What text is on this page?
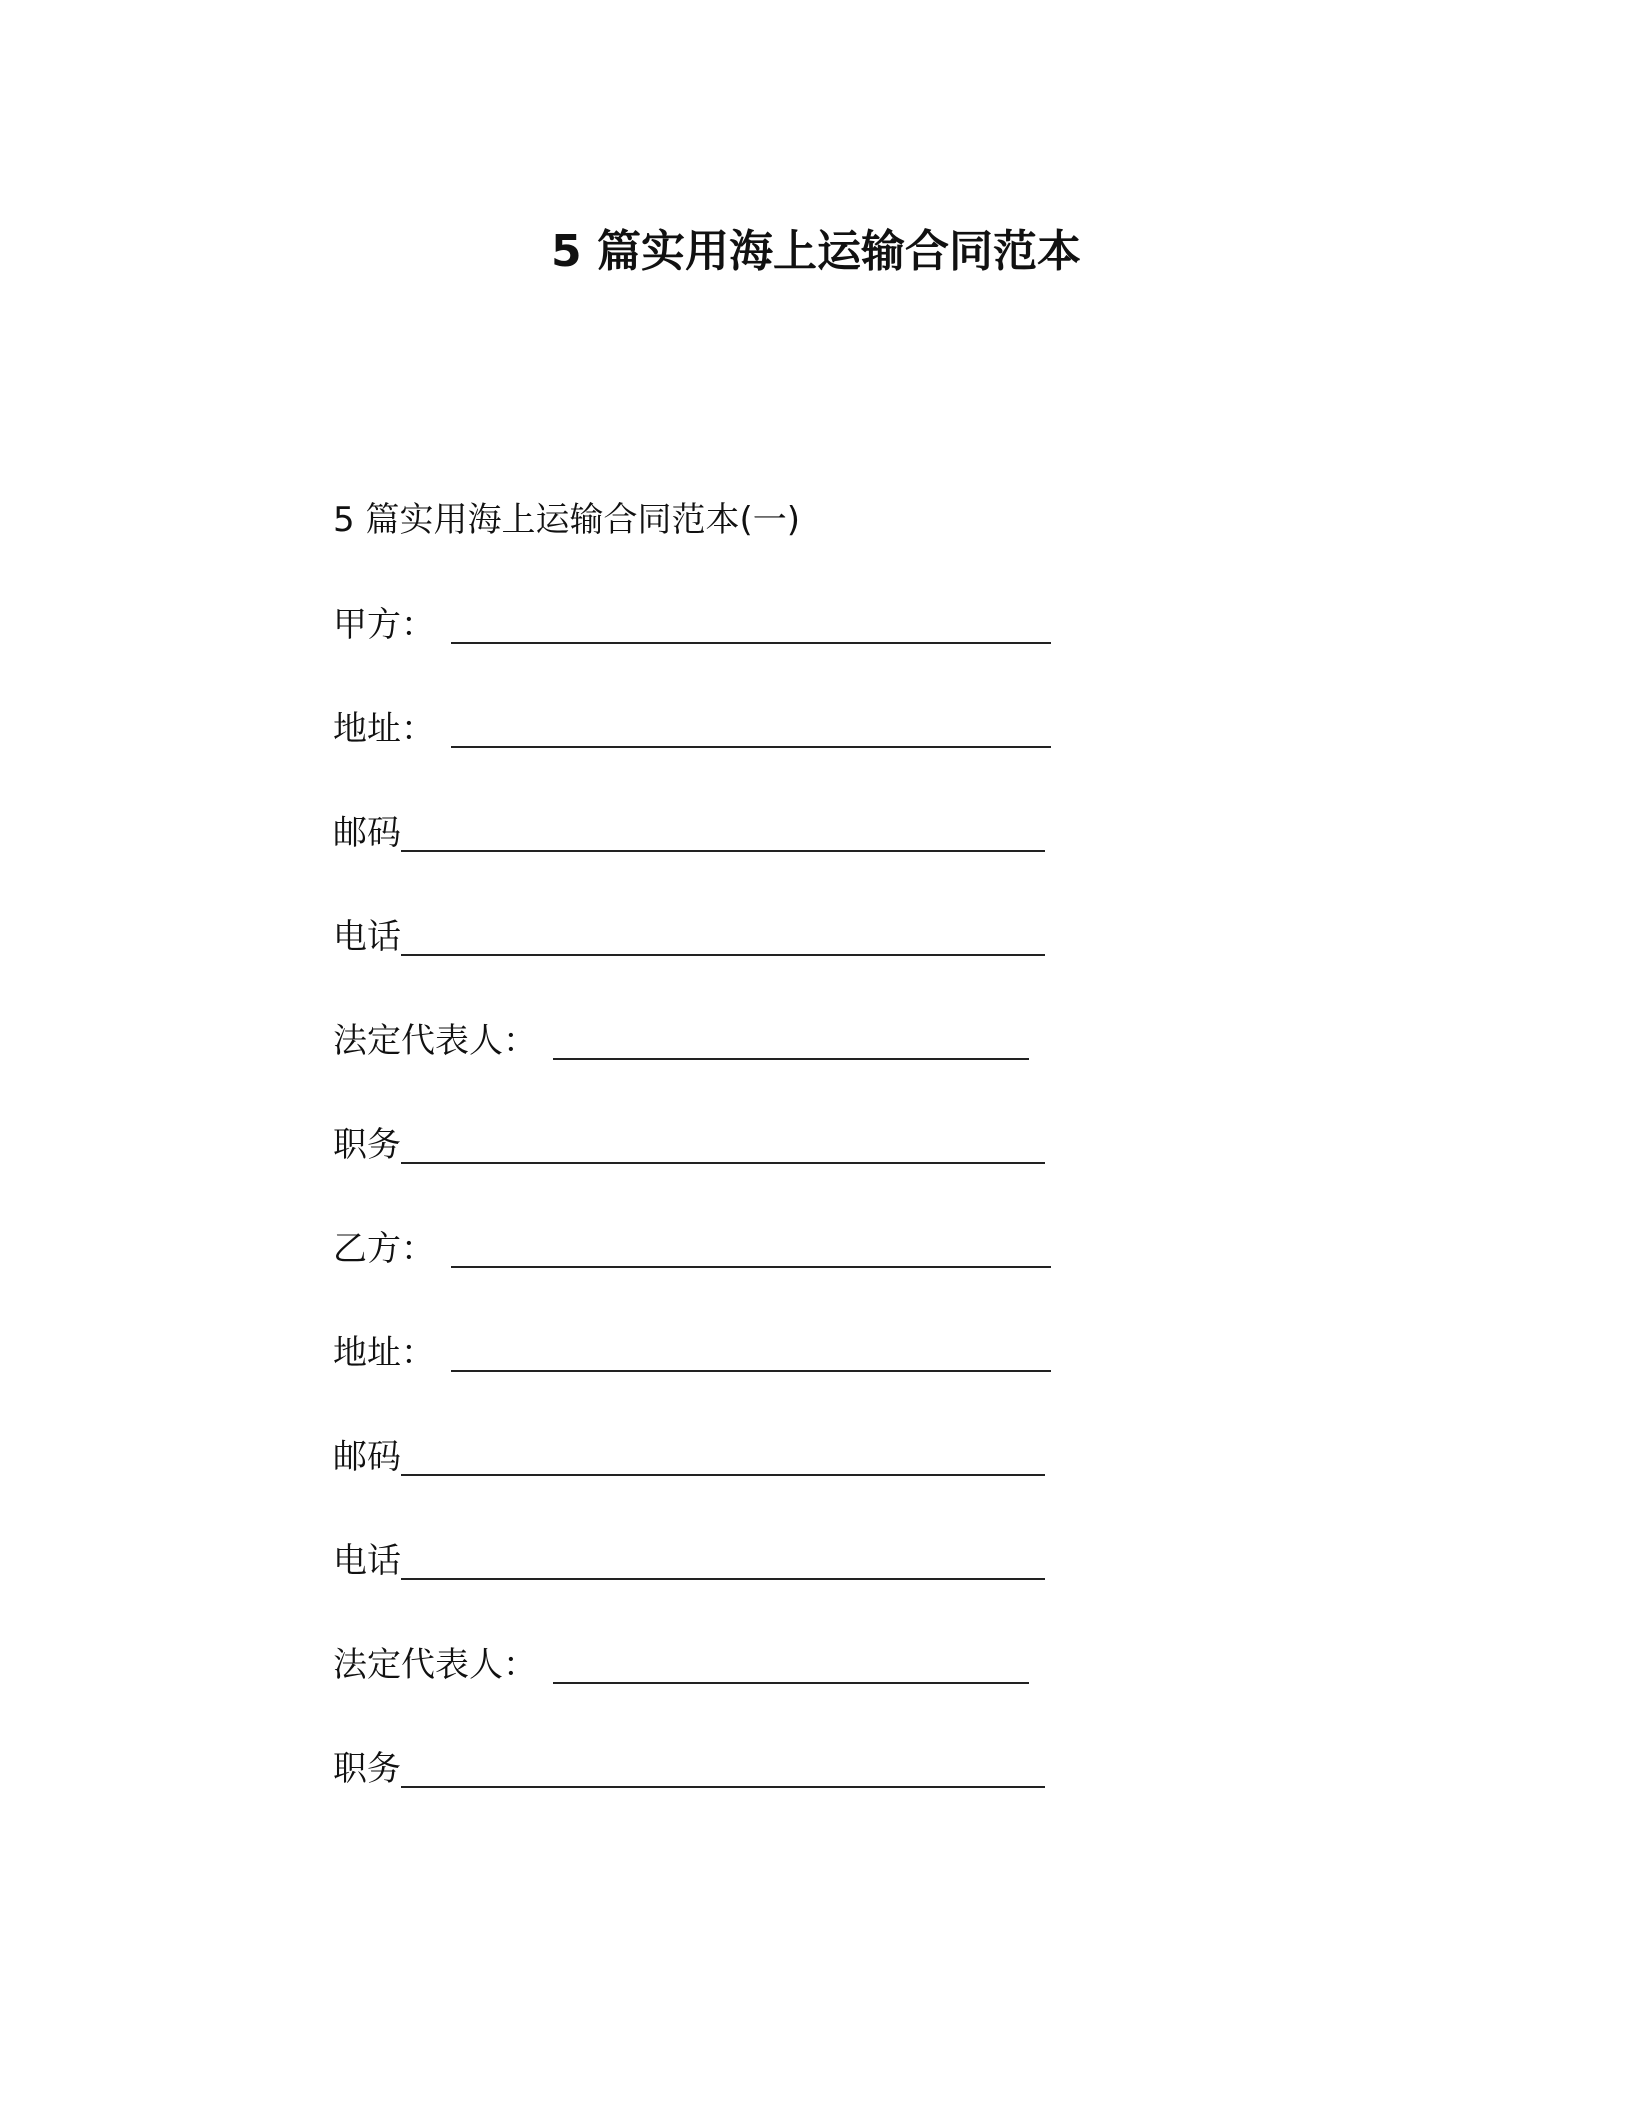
5 篇实用海上运输合同范本
5 篇实用海上运输合同范本(一)
甲方：
地址：
邮码
电话
法定代表人：
职务
乙方：
地址：
邮码
电话
法定代表人：
职务
